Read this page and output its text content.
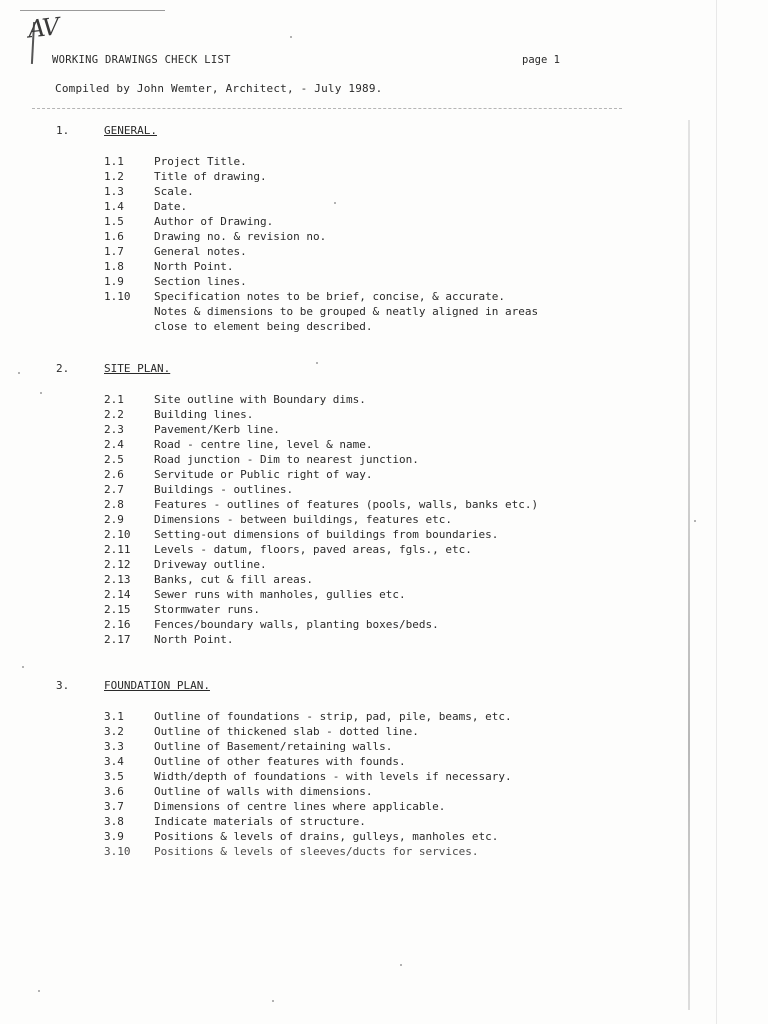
AV
WORKING DRAWINGS CHECK LIST	page 1
Compiled by John Wemter, Architect, - July 1989.
1.	GENERAL.
1.1	Project Title.
1.2	Title of drawing.
1.3	Scale.
1.4	Date.
1.5	Author of Drawing.
1.6	Drawing no. & revision no.
1.7	General notes.
1.8	North Point.
1.9	Section lines.
1.10	Specification notes to be brief, concise, & accurate.
Notes & dimensions to be grouped & neatly aligned in areas
close to element being described.
2.	SITE PLAN.
2.1	Site outline with Boundary dims.
2.2	Building lines.
2.3	Pavement/Kerb line.
2.4	Road - centre line, level & name.
2.5	Road junction - Dim to nearest junction.
2.6	Servitude or Public right of way.
2.7	Buildings - outlines.
2.8	Features - outlines of features (pools, walls, banks etc.)
2.9	Dimensions - between buildings, features etc.
2.10	Setting-out dimensions of buildings from boundaries.
2.11	Levels - datum, floors, paved areas, fgls., etc.
2.12	Driveway outline.
2.13	Banks, cut & fill areas.
2.14	Sewer runs with manholes, gullies etc.
2.15	Stormwater runs.
2.16	Fences/boundary walls, planting boxes/beds.
2.17	North Point.
3.	FOUNDATION PLAN.
3.1	Outline of foundations - strip, pad, pile, beams, etc.
3.2	Outline of thickened slab - dotted line.
3.3	Outline of Basement/retaining walls.
3.4	Outline of other features with founds.
3.5	Width/depth of foundations - with levels if necessary.
3.6	Outline of walls with dimensions.
3.7	Dimensions of centre lines where applicable.
3.8	Indicate materials of structure.
3.9	Positions & levels of drains, gulleys, manholes etc.
3.10	Positions & levels of sleeves/ducts for services.
